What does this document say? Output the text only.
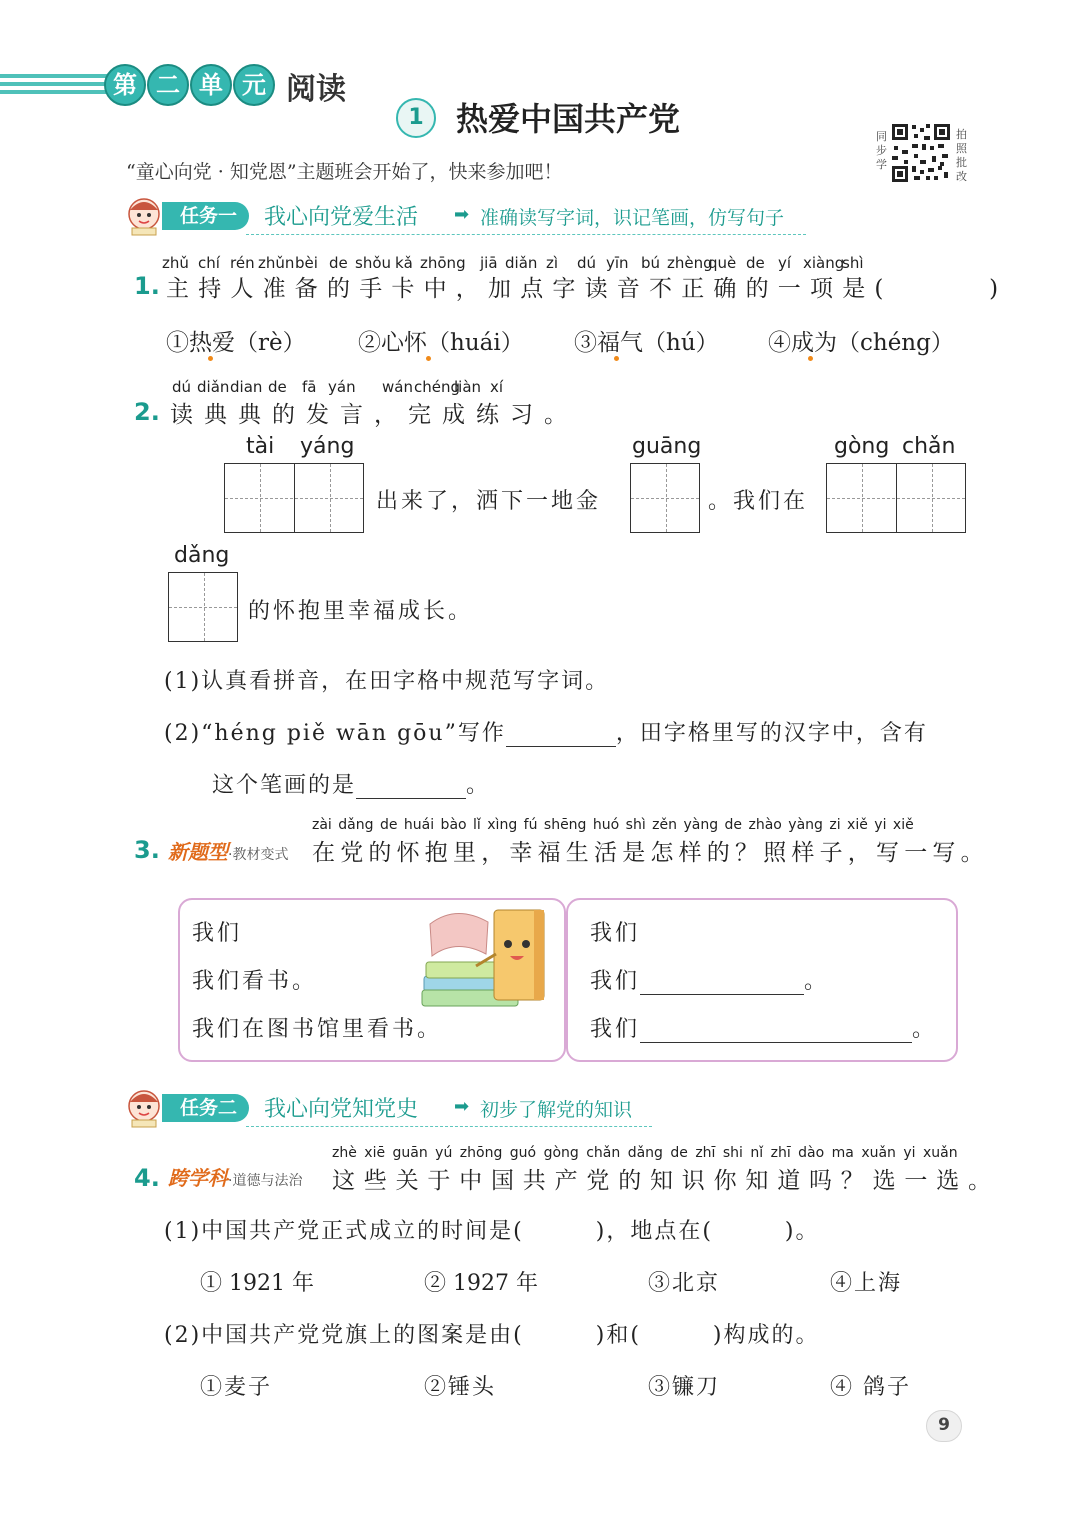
第 二 单 元 阅读
1	热爱中国共产党	同
步
学
拍
照
批
改
“童心向党 · 知党恩”主题班会开始了，快来参加吧！
任务一	我心向党爱生活 ➡ 准确读写字词，识记笔画，仿写句子
1.
zhǔ chí rén zhǔn bèi de shǒu kǎ zhōng jiā diǎn zì dú yīn bú zhèng
què de yí xiàng
shì
主持人准备的手卡中，加点字读音不正确的一项是(　　　)
①热爱（rè） ②心怀（huái） ③福气（hú） ④成为（chéng）
2.
dú diǎn dian de fā yán wán chéng
liàn xí
读典典的发言，完成练习。
tài yáng
出来了，洒下一地金
guāng
。我们在
gòng chǎn
dǎng
的怀抱里幸福成长。
(1)认真看拼音，在田字格中规范写字词。
(2)“héng piě wān gōu”写作	，田字格里写的汉字中，含有
这个笔画的是	。
3. 新题型·教材变式
zài dǎng de huái bào lǐ xìng fú shēng huó shì zěn yàng de zhào yàng zi xiě yi xiě
在党的怀抱里，幸福生活是怎样的？照样子，写一写。
我们
我们看书。
我们在图书馆里看书。
我们
我们	。
我们	。
任务二	我心向党知党史 ➡ 初步了解党的知识
4. 跨学科·道德与法治
zhè xiē guān yú zhōng guó gòng chǎn dǎng de zhī shi nǐ zhī dào ma xuǎn yi xuǎn
这些关于中国共产党的知识你知道吗？选一选。
(1)中国共产党正式成立的时间是(　　　)，地点在(　　　)。
① 1921 年	② 1927 年	③北京	④上海
(2)中国共产党党旗上的图案是由(　　　)和(　　　)构成的。
①麦子	②锤头	③镰刀	④ 鸽子
9
